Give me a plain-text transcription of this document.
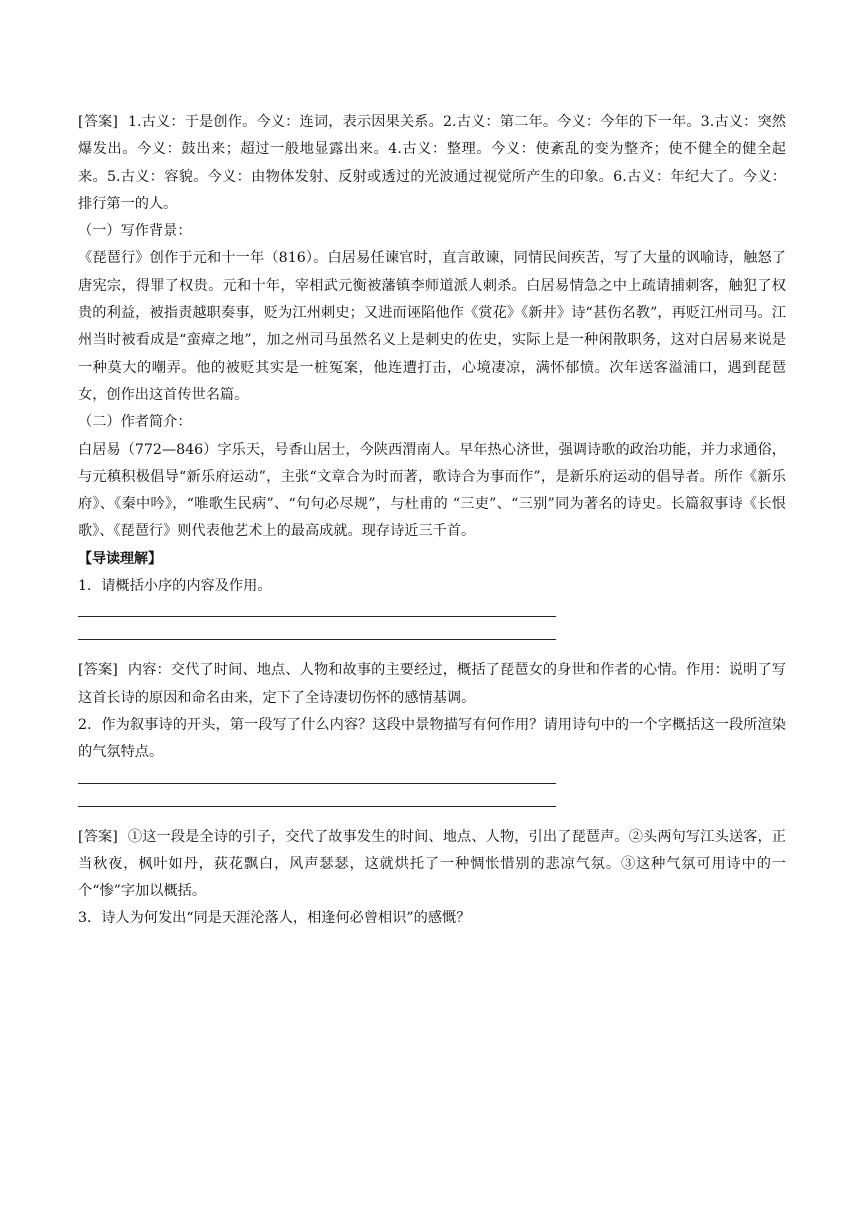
[答案] 1.古义：于是创作。今义：连词，表示因果关系。2.古义：第二年。今义：今年的下一年。3.古义：突然爆发出。今义：鼓出来；超过一般地显露出来。4.古义：整理。今义：使紊乱的变为整齐；使不健全的健全起来。5.古义：容貌。今义：由物体发射、反射或透过的光波通过视觉所产生的印象。6.古义：年纪大了。今义：排行第一的人。

（一）写作背景：

《琵琶行》创作于元和十一年（816）。白居易任谏官时，直言敢谏，同情民间疾苦，写了大量的讽喻诗，触怒了唐宪宗，得罪了权贵。元和十年，宰相武元衡被藩镇李师道派人刺杀。白居易情急之中上疏请捕刺客，触犯了权贵的利益，被指责越职奏事，贬为江州刺史；又进而诬陷他作《赏花》《新井》诗“甚伤名教”，再贬江州司马。江州当时被看成是“蛮瘴之地”，加之州司马虽然名义上是刺史的佐史，实际上是一种闲散职务，这对白居易来说是一种莫大的嘲弄。他的被贬其实是一桩冤案，他连遭打击，心境凄凉，满怀郁愤。次年送客溢浦口，遇到琵琶女，创作出这首传世名篇。

（二）作者简介：

白居易（772—846）字乐天，号香山居士，今陕西渭南人。早年热心济世，强调诗歌的政治功能，并力求通俗，与元稹积极倡导“新乐府运动”，主张“文章合为时而著，歌诗合为事而作”，是新乐府运动的倡导者。所作《新乐府》、《秦中吟》，“唯歌生民病”、“句句必尽规”，与杜甫的 “三吏”、“三别”同为著名的诗史。长篇叙事诗《长恨歌》、《琵琶行》则代表他艺术上的最高成就。现存诗近三千首。

【导读理解】

1．请概括小序的内容及作用。

[答案] 内容：交代了时间、地点、人物和故事的主要经过，概括了琵琶女的身世和作者的心情。作用：说明了写这首长诗的原因和命名由来，定下了全诗凄切伤怀的感情基调。

2．作为叙事诗的开头，第一段写了什么内容？这段中景物描写有何作用？请用诗句中的一个字概括这一段所渲染的气氛特点。

[答案] ①这一段是全诗的引子，交代了故事发生的时间、地点、人物，引出了琵琶声。②头两句写江头送客，正当秋夜，枫叶如丹，荻花飘白，风声瑟瑟，这就烘托了一种惆怅惜别的悲凉气氛。③这种气氛可用诗中的一个“惨”字加以概括。

3．诗人为何发出“同是天涯沦落人，相逢何必曾相识”的感慨？
